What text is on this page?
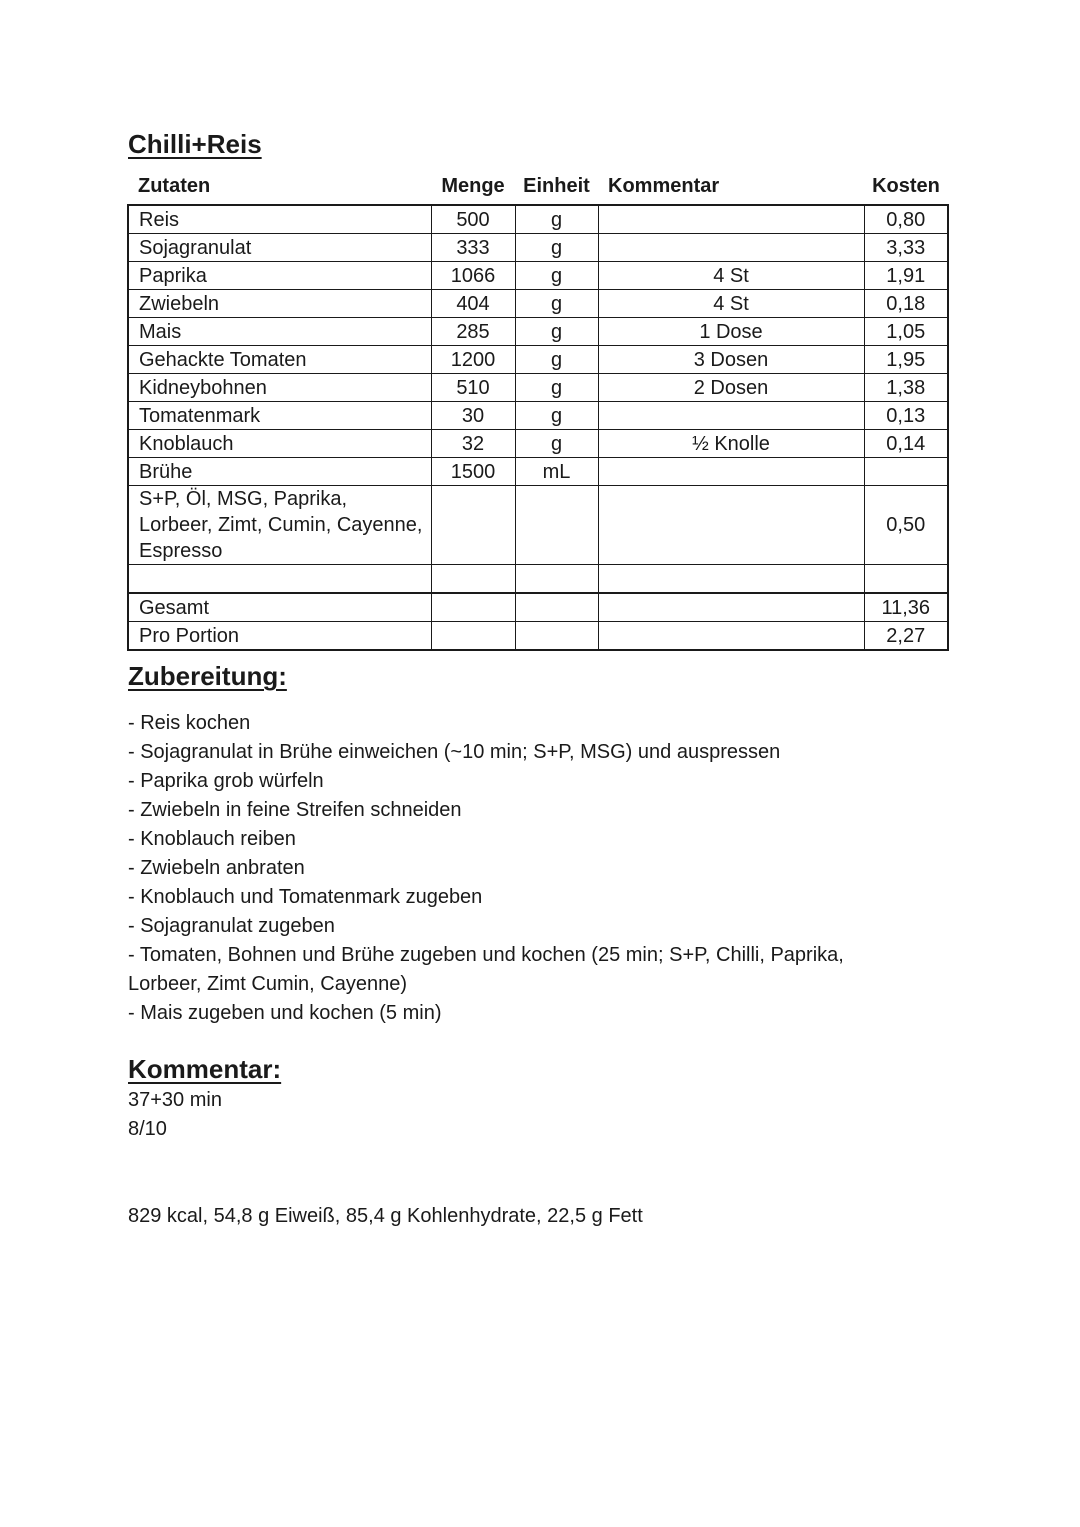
Chilli+Reis
Zutaten	Menge	Einheit	Kommentar	Kosten
Reis	500	g		0,80
Sojagranulat	333	g		3,33
Paprika	1066	g	4 St	1,91
Zwiebeln	404	g	4 St	0,18
Mais	285	g	1 Dose	1,05
Gehackte Tomaten	1200	g	3 Dosen	1,95
Kidneybohnen	510	g	2 Dosen	1,38
Tomatenmark	30	g		0,13
Knoblauch	32	g	½ Knolle	0,14
Brühe	1500	mL		
S+P, Öl, MSG, Paprika, Lorbeer, Zimt, Cumin, Cayenne, Espresso				0,50

Gesamt				11,36
Pro Portion				2,27
Zubereitung:
- Reis kochen
- Sojagranulat in Brühe einweichen (~10 min; S+P, MSG) und auspressen
- Paprika grob würfeln
- Zwiebeln in feine Streifen schneiden
- Knoblauch reiben
- Zwiebeln anbraten
- Knoblauch und Tomatenmark zugeben
- Sojagranulat zugeben
- Tomaten, Bohnen und Brühe zugeben und kochen (25 min; S+P, Chilli, Paprika, Lorbeer, Zimt Cumin, Cayenne)
- Mais zugeben und kochen (5 min)
Kommentar:
37+30 min
8/10
829 kcal, 54,8 g Eiweiß, 85,4 g Kohlenhydrate, 22,5 g Fett
